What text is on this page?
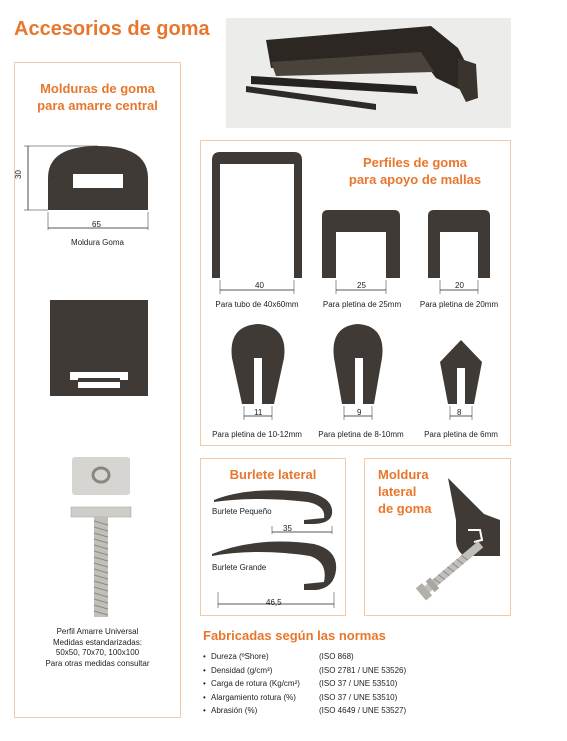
Accesorios de goma
Molduras de goma
para amarre central
30
65
Moldura Goma
Perfil Amarre Universal
Medidas estandarizadas:
50x50, 70x70, 100x100
Para otras medidas consultar
Perfiles de goma
para apoyo de mallas
40
Para tubo de 40x60mm
25
Para pletina de 25mm
20
Para pletina de 20mm
11
Para pletina de 10-12mm
9
Para pletina de 8-10mm
8
Para pletina de 6mm
Burlete lateral
Burlete Pequeño
35
Burlete Grande
46,5
Moldura
lateral
de goma
Fabricadas según las normas
• Dureza (ºShore)	(ISO 868)
• Densidad (g/cm³)	(ISO 2781 / UNE 53526)
• Carga de rotura (Kg/cm²)	(ISO 37 / UNE 53510)
• Alargamiento rotura (%)	(ISO 37 / UNE 53510)
• Abrasión (%)	(ISO 4649 / UNE 53527)
